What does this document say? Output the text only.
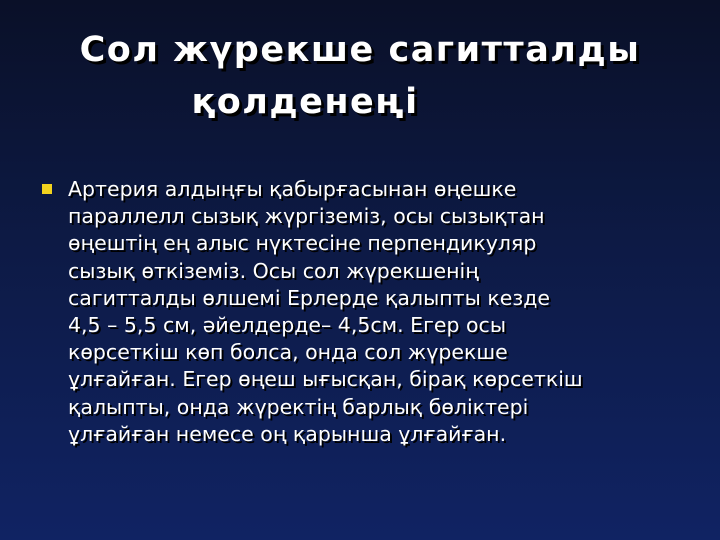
Сол жүрекше сагитталды
қолденеңі
Артерия алдыңғы қабырғасынан өңешке
параллелл сызық жүргіземіз, осы сызықтан
өңештің ең алыс нүктесіне перпендикуляр
сызық өткіземіз. Осы сол жүрекшенің
сагитталды өлшемі Ерлерде қалыпты кезде
4,5 – 5,5 см, әйелдерде– 4,5см. Егер осы
көрсеткіш көп болса, онда сол жүрекше
ұлғайған. Егер өңеш ығысқан, бірақ көрсеткіш
қалыпты, онда жүректің барлық бөліктері
ұлғайған немесе оң қарынша ұлғайған.
